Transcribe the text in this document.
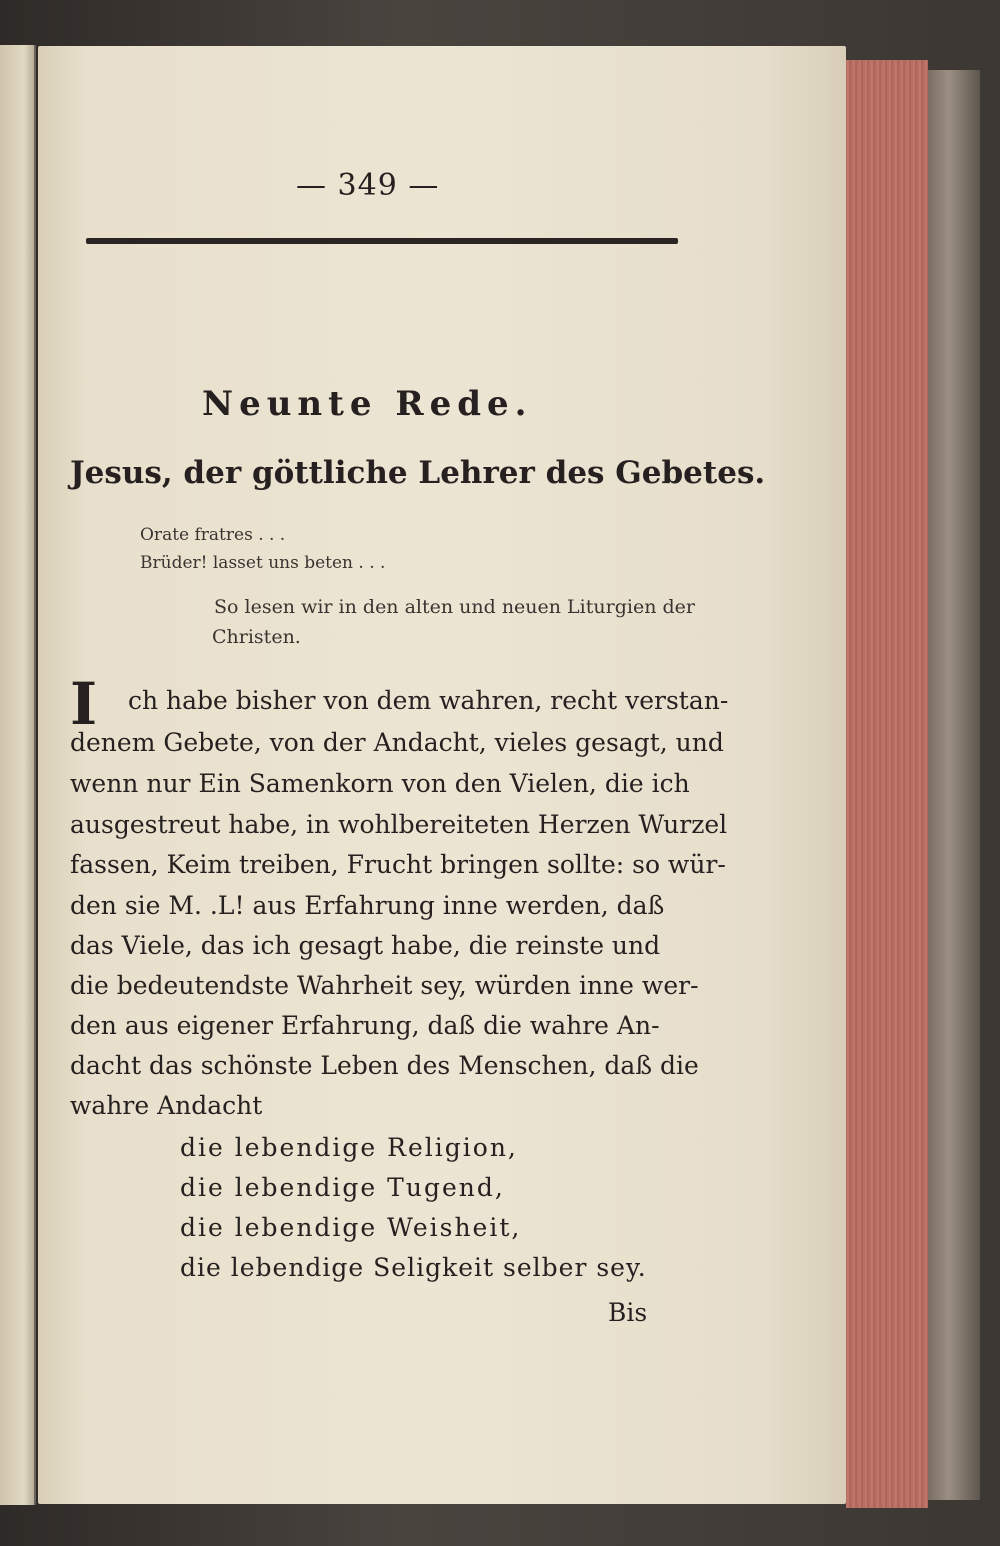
— 349 —
Neunte Rede.
Jesus, der göttliche Lehrer des Gebetes.
Orate fratres . . .
Brüder! lasset uns beten . . .
So lesen wir in den alten und neuen Liturgien der
Christen.
I ch habe bisher von dem wahren, recht verstan-
denem Gebete, von der Andacht, vieles gesagt, und
wenn nur Ein Samenkorn von den Vielen, die ich
ausgestreut habe, in wohlbereiteten Herzen Wurzel
fassen, Keim treiben, Frucht bringen sollte: so wür-
den sie M. .L! aus Erfahrung inne werden, daß
das Viele, das ich gesagt habe, die reinste und
die bedeutendste Wahrheit sey, würden inne wer-
den aus eigener Erfahrung, daß die wahre An-
dacht das schönste Leben des Menschen, daß die
wahre Andacht
die lebendige Religion,
die lebendige Tugend,
die lebendige Weisheit,
die lebendige Seligkeit selber sey.
Bis
